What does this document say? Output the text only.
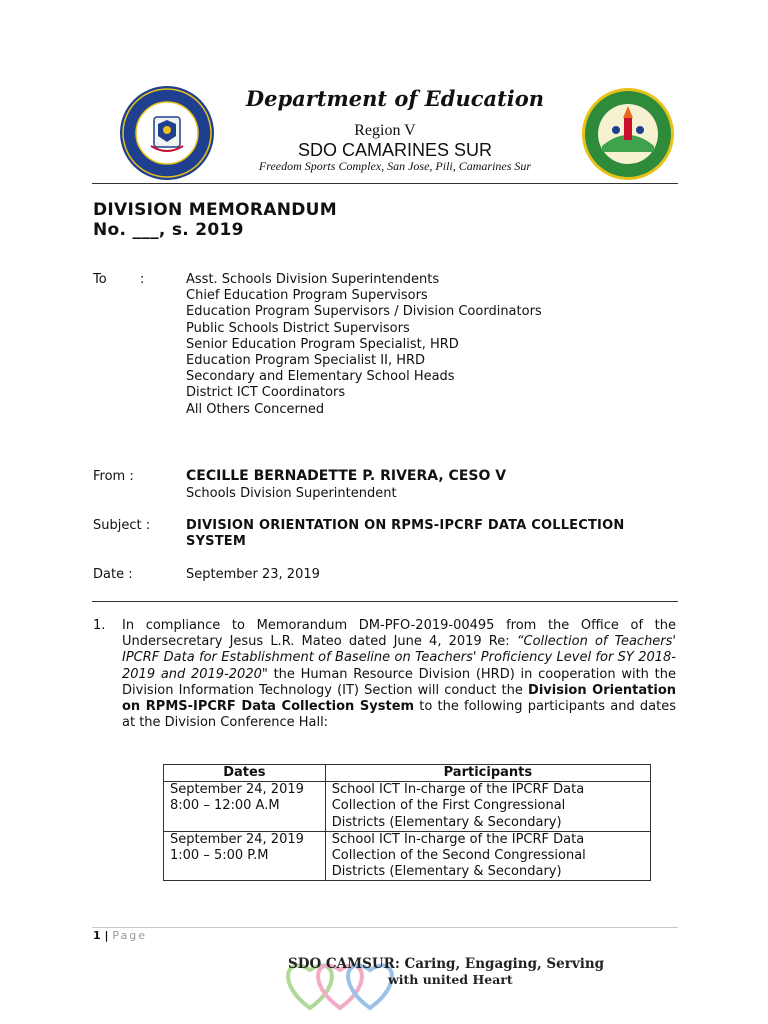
Department of Education
Region V
SDO CAMARINES SUR
Freedom Sports Complex, San Jose, Pili, Camarines Sur
DIVISION MEMORANDUM
No. ___, s. 2019
To	:	Asst. Schools Division Superintendents
Chief Education Program Supervisors
Education Program Supervisors / Division Coordinators
Public Schools District Supervisors
Senior Education Program Specialist, HRD
Education Program Specialist II, HRD
Secondary and Elementary School Heads
District ICT Coordinators
All Others Concerned
From :	CECILLE BERNADETTE P. RIVERA, CESO V
Schools Division Superintendent
Subject :	DIVISION ORIENTATION ON RPMS-IPCRF DATA COLLECTION
SYSTEM
Date :	September 23, 2019
1. In compliance to Memorandum DM-PFO-2019-00495 from the Office of the Undersecretary Jesus L.R. Mateo dated June 4, 2019 Re: “Collection of Teachers' IPCRF Data for Establishment of Baseline on Teachers' Proficiency Level for SY 2018-2019 and 2019-2020" the Human Resource Division (HRD) in cooperation with the Division Information Technology (IT) Section will conduct the Division Orientation on RPMS-IPCRF Data Collection System to the following participants and dates at the Division Conference Hall:
Dates	Participants

September 24, 2019
8:00 – 12:00 A.M	School ICT In-charge of the IPCRF Data
Collection of the First Congressional
Districts (Elementary & Secondary)

September 24, 2019
1:00 – 5:00 P.M	School ICT In-charge of the IPCRF Data
Collection of the Second Congressional
Districts (Elementary & Secondary)
1 | Page
SDO CAMSUR: Caring, Engaging, Serving
with united Heart
